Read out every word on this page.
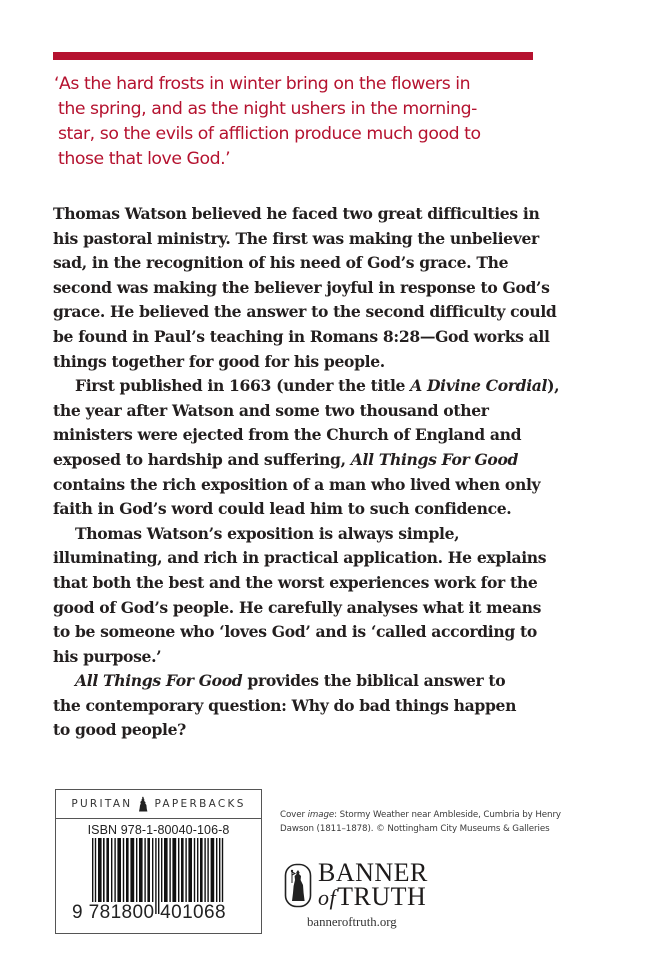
‘As the hard frosts in winter bring on the flowers in
the spring, and as the night ushers in the morning-
star, so the evils of affliction produce much good to
those that love God.’

Thomas Watson believed he faced two great difficulties in
his pastoral ministry. The first was making the unbeliever
sad, in the recognition of his need of God’s grace. The
second was making the believer joyful in response to God’s
grace. He believed the answer to the second difficulty could
be found in Paul’s teaching in Romans 8:28—God works all
things together for good for his people.
First published in 1663 (under the title A Divine Cordial),
the year after Watson and some two thousand other
ministers were ejected from the Church of England and
exposed to hardship and suffering, All Things For Good
contains the rich exposition of a man who lived when only
faith in God’s word could lead him to such confidence.
Thomas Watson’s exposition is always simple,
illuminating, and rich in practical application. He explains
that both the best and the worst experiences work for the
good of God’s people. He carefully analyses what it means
to be someone who ‘loves God’ and is ‘called according to
his purpose.’
All Things For Good provides the biblical answer to
the contemporary question: Why do bad things happen
to good people?
PURITAN PAPERBACKS
ISBN 978-1-80040-106-8
9 781800 401068
Cover image: Stormy Weather near Ambleside, Cumbria by Henry
Dawson (1811–1878). © Nottingham City Museums & Galleries
BANNER
ofTRUTH
banneroftruth.org
